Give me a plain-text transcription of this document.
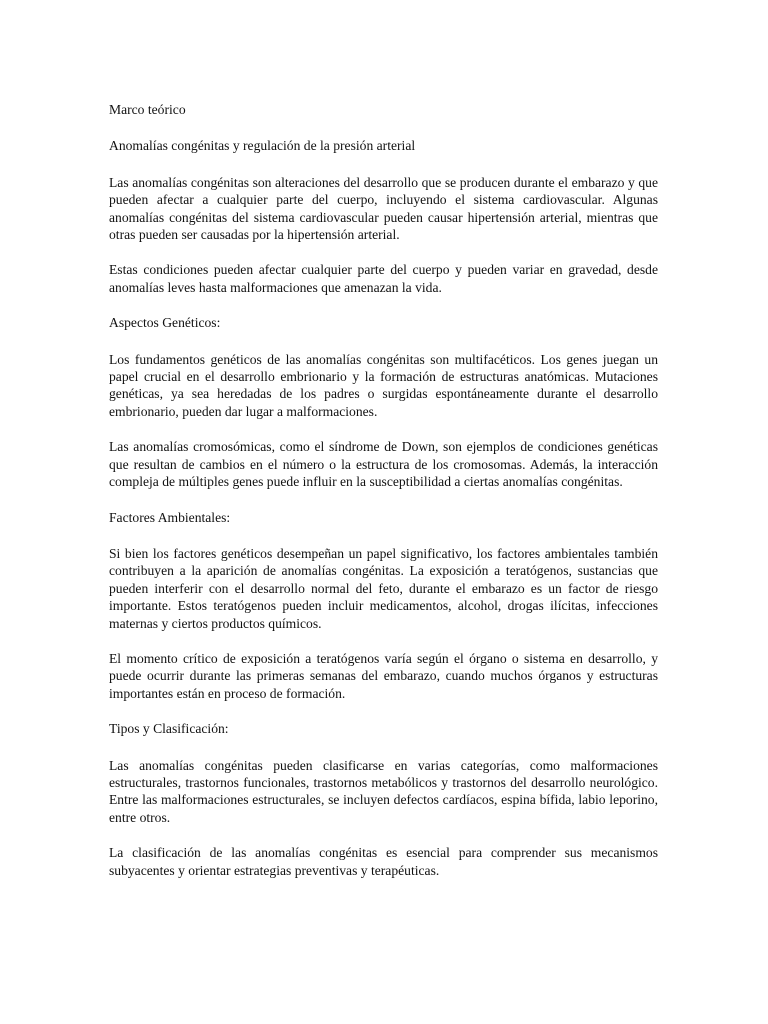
Marco teórico

Anomalías congénitas y regulación de la presión arterial

Las anomalías congénitas son alteraciones del desarrollo que se producen durante el embarazo y que pueden afectar a cualquier parte del cuerpo, incluyendo el sistema cardiovascular. Algunas anomalías congénitas del sistema cardiovascular pueden causar hipertensión arterial, mientras que otras pueden ser causadas por la hipertensión arterial.

Estas condiciones pueden afectar cualquier parte del cuerpo y pueden variar en gravedad, desde anomalías leves hasta malformaciones que amenazan la vida.

Aspectos Genéticos:

Los fundamentos genéticos de las anomalías congénitas son multifacéticos. Los genes juegan un papel crucial en el desarrollo embrionario y la formación de estructuras anatómicas. Mutaciones genéticas, ya sea heredadas de los padres o surgidas espontáneamente durante el desarrollo embrionario, pueden dar lugar a malformaciones.

Las anomalías cromosómicas, como el síndrome de Down, son ejemplos de condiciones genéticas que resultan de cambios en el número o la estructura de los cromosomas. Además, la interacción compleja de múltiples genes puede influir en la susceptibilidad a ciertas anomalías congénitas.

Factores Ambientales:

Si bien los factores genéticos desempeñan un papel significativo, los factores ambientales también contribuyen a la aparición de anomalías congénitas. La exposición a teratógenos, sustancias que pueden interferir con el desarrollo normal del feto, durante el embarazo es un factor de riesgo importante. Estos teratógenos pueden incluir medicamentos, alcohol, drogas ilícitas, infecciones maternas y ciertos productos químicos.

El momento crítico de exposición a teratógenos varía según el órgano o sistema en desarrollo, y puede ocurrir durante las primeras semanas del embarazo, cuando muchos órganos y estructuras importantes están en proceso de formación.

Tipos y Clasificación:

Las anomalías congénitas pueden clasificarse en varias categorías, como malformaciones estructurales, trastornos funcionales, trastornos metabólicos y trastornos del desarrollo neurológico. Entre las malformaciones estructurales, se incluyen defectos cardíacos, espina bífida, labio leporino, entre otros.

La clasificación de las anomalías congénitas es esencial para comprender sus mecanismos subyacentes y orientar estrategias preventivas y terapéuticas.
